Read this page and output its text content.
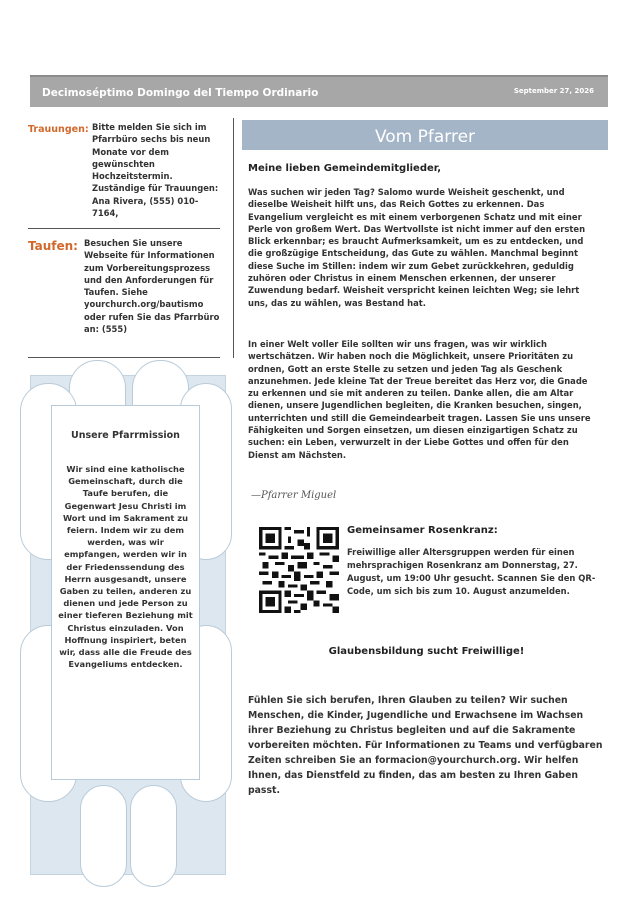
Decimoséptimo Domingo del Tiempo Ordinario	September 27, 2026
Trauungen: Bitte melden Sie sich im Pfarrbüro sechs bis neun Monate vor dem gewünschten Hochzeitstermin. Zuständige für Trauungen: Ana Rivera, (555) 010-7164,
Taufen: Besuchen Sie unsere Webseite für Informationen zum Vorbereitungsprozess und den Anforderungen für Taufen. Siehe yourchurch.org/bautismo oder rufen Sie das Pfarrbüro an: (555)
Unsere Pfarrmission
Wir sind eine katholische Gemeinschaft, durch die Taufe berufen, die Gegenwart Jesu Christi im Wort und im Sakrament zu feiern. Indem wir zu dem werden, was wir empfangen, werden wir in der Friedenssendung des Herrn ausgesandt, unsere Gaben zu teilen, anderen zu dienen und jede Person zu einer tieferen Beziehung mit Christus einzuladen. Von Hoffnung inspiriert, beten wir, dass alle die Freude des Evangeliums entdecken.
Vom Pfarrer
Meine lieben Gemeindemitglieder,
Was suchen wir jeden Tag? Salomo wurde Weisheit geschenkt, und dieselbe Weisheit hilft uns, das Reich Gottes zu erkennen. Das Evangelium vergleicht es mit einem verborgenen Schatz und mit einer Perle von großem Wert. Das Wertvollste ist nicht immer auf den ersten Blick erkennbar; es braucht Aufmerksamkeit, um es zu entdecken, und die großzügige Entscheidung, das Gute zu wählen. Manchmal beginnt diese Suche im Stillen: indem wir zum Gebet zurückkehren, geduldig zuhören oder Christus in einem Menschen erkennen, der unserer Zuwendung bedarf. Weisheit verspricht keinen leichten Weg; sie lehrt uns, das zu wählen, was Bestand hat.
In einer Welt voller Eile sollten wir uns fragen, was wir wirklich wertschätzen. Wir haben noch die Möglichkeit, unsere Prioritäten zu ordnen, Gott an erste Stelle zu setzen und jeden Tag als Geschenk anzunehmen. Jede kleine Tat der Treue bereitet das Herz vor, die Gnade zu erkennen und sie mit anderen zu teilen. Danke allen, die am Altar dienen, unsere Jugendlichen begleiten, die Kranken besuchen, singen, unterrichten und still die Gemeindearbeit tragen. Lassen Sie uns unsere Fähigkeiten und Sorgen einsetzen, um diesen einzigartigen Schatz zu suchen: ein Leben, verwurzelt in der Liebe Gottes und offen für den Dienst am Nächsten.
—Pfarrer Miguel
Gemeinsamer Rosenkranz:
Freiwillige aller Altersgruppen werden für einen mehrsprachigen Rosenkranz am Donnerstag, 27. August, um 19:00 Uhr gesucht. Scannen Sie den QR-Code, um sich bis zum 10. August anzumelden.
Glaubensbildung sucht Freiwillige!
Fühlen Sie sich berufen, Ihren Glauben zu teilen? Wir suchen Menschen, die Kinder, Jugendliche und Erwachsene im Wachsen ihrer Beziehung zu Christus begleiten und auf die Sakramente vorbereiten möchten. Für Informationen zu Teams und verfügbaren Zeiten schreiben Sie an formacion@yourchurch.org. Wir helfen Ihnen, das Dienstfeld zu finden, das am besten zu Ihren Gaben passt.
